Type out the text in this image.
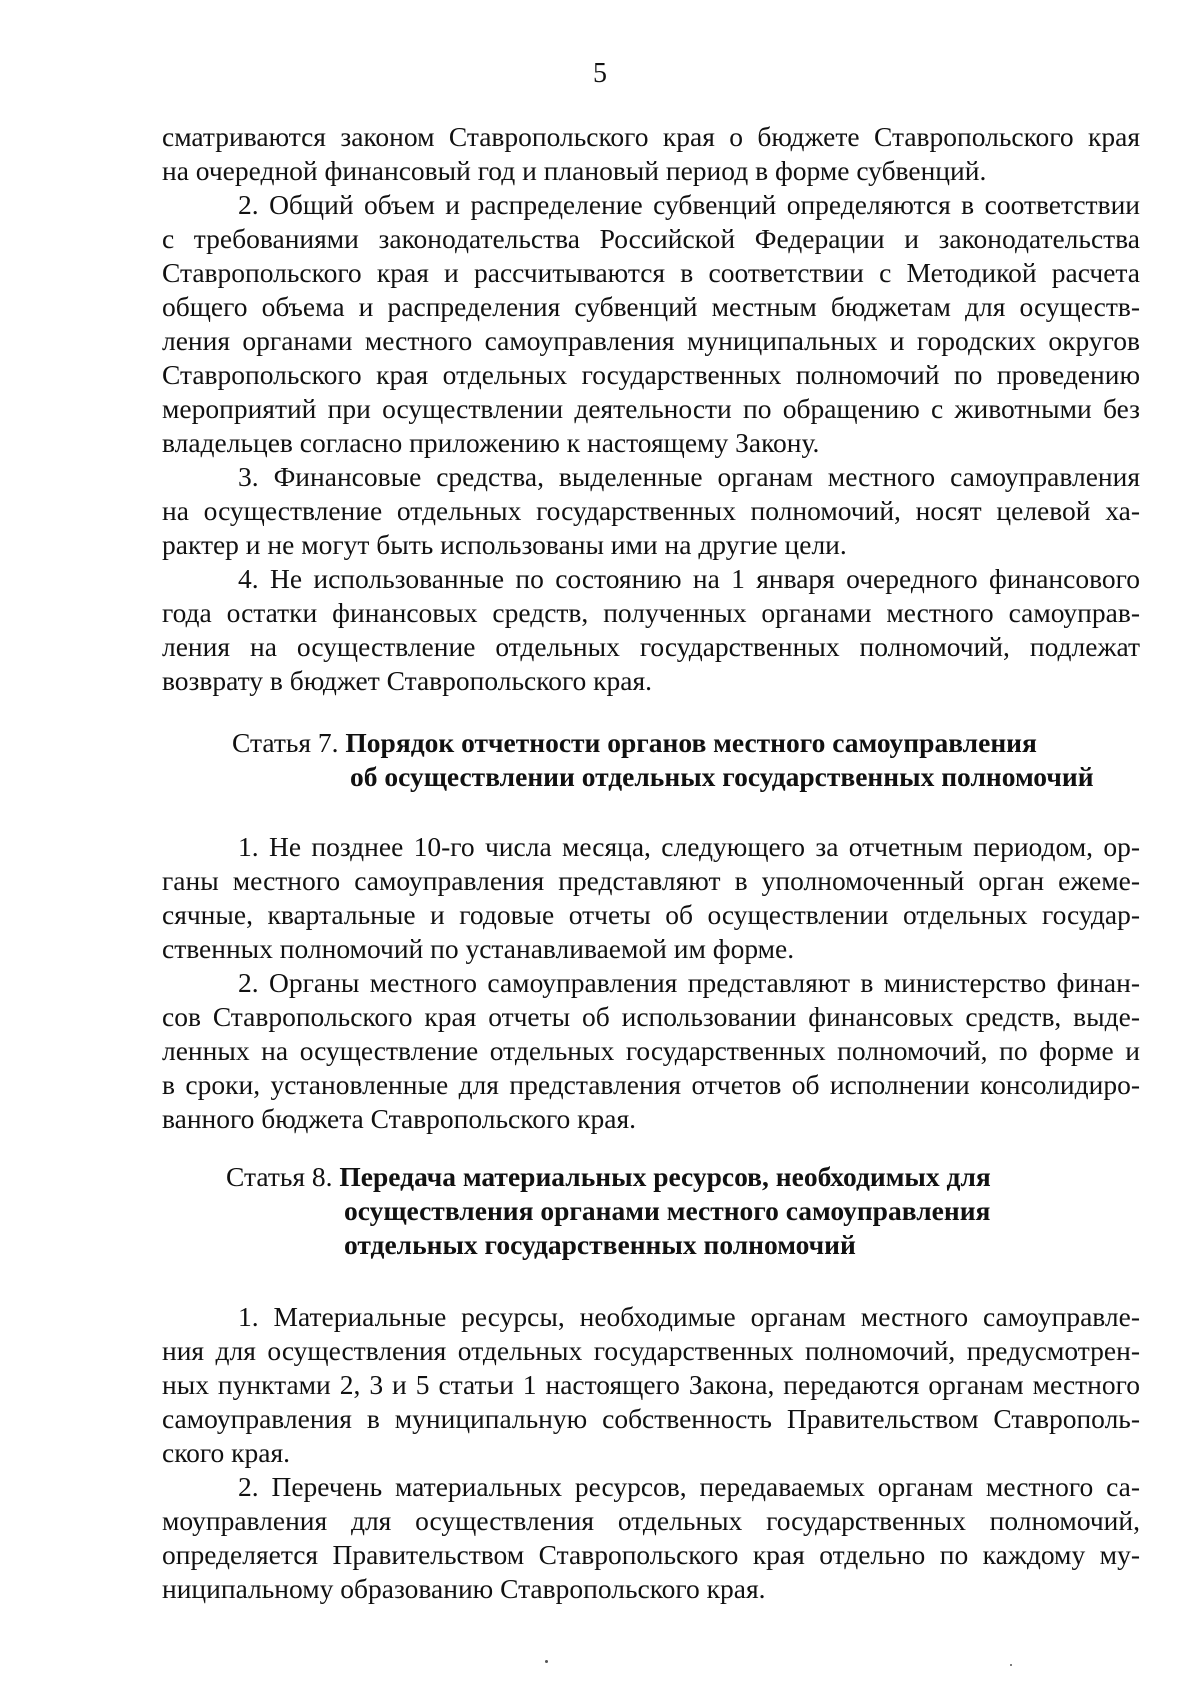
5
сматриваются законом Ставропольского края о бюджете Ставропольского края
на очередной финансовый год и плановый период в форме субвенций.
2. Общий объем и распределение субвенций определяются в соответствии
с требованиями законодательства Российской Федерации и законодательства
Ставропольского края и рассчитываются в соответствии с Методикой расчета
общего объема и распределения субвенций местным бюджетам для осуществ-
ления органами местного самоуправления муниципальных и городских округов
Ставропольского края отдельных государственных полномочий по проведению
мероприятий при осуществлении деятельности по обращению с животными без
владельцев согласно приложению к настоящему Закону.
3. Финансовые средства, выделенные органам местного самоуправления
на осуществление отдельных государственных полномочий, носят целевой ха-
рактер и не могут быть использованы ими на другие цели.
4. Не использованные по состоянию на 1 января очередного финансового
года остатки финансовых средств, полученных органами местного самоуправ-
ления на осуществление отдельных государственных полномочий, подлежат
возврату в бюджет Ставропольского края.
Статья 7. Порядок отчетности органов местного самоуправления
об осуществлении отдельных государственных полномочий
1. Не позднее 10-го числа месяца, следующего за отчетным периодом, ор-
ганы местного самоуправления представляют в уполномоченный орган ежеме-
сячные, квартальные и годовые отчеты об осуществлении отдельных государ-
ственных полномочий по устанавливаемой им форме.
2. Органы местного самоуправления представляют в министерство финан-
сов Ставропольского края отчеты об использовании финансовых средств, выде-
ленных на осуществление отдельных государственных полномочий, по форме и
в сроки, установленные для представления отчетов об исполнении консолидиро-
ванного бюджета Ставропольского края.
Статья 8. Передача материальных ресурсов, необходимых для
осуществления органами местного самоуправления
отдельных государственных полномочий
1. Материальные ресурсы, необходимые органам местного самоуправле-
ния для осуществления отдельных государственных полномочий, предусмотрен-
ных пунктами 2, 3 и 5 статьи 1 настоящего Закона, передаются органам местного
самоуправления в муниципальную собственность Правительством Ставрополь-
ского края.
2. Перечень материальных ресурсов, передаваемых органам местного са-
моуправления для осуществления отдельных государственных полномочий,
определяется Правительством Ставропольского края отдельно по каждому му-
ниципальному образованию Ставропольского края.
